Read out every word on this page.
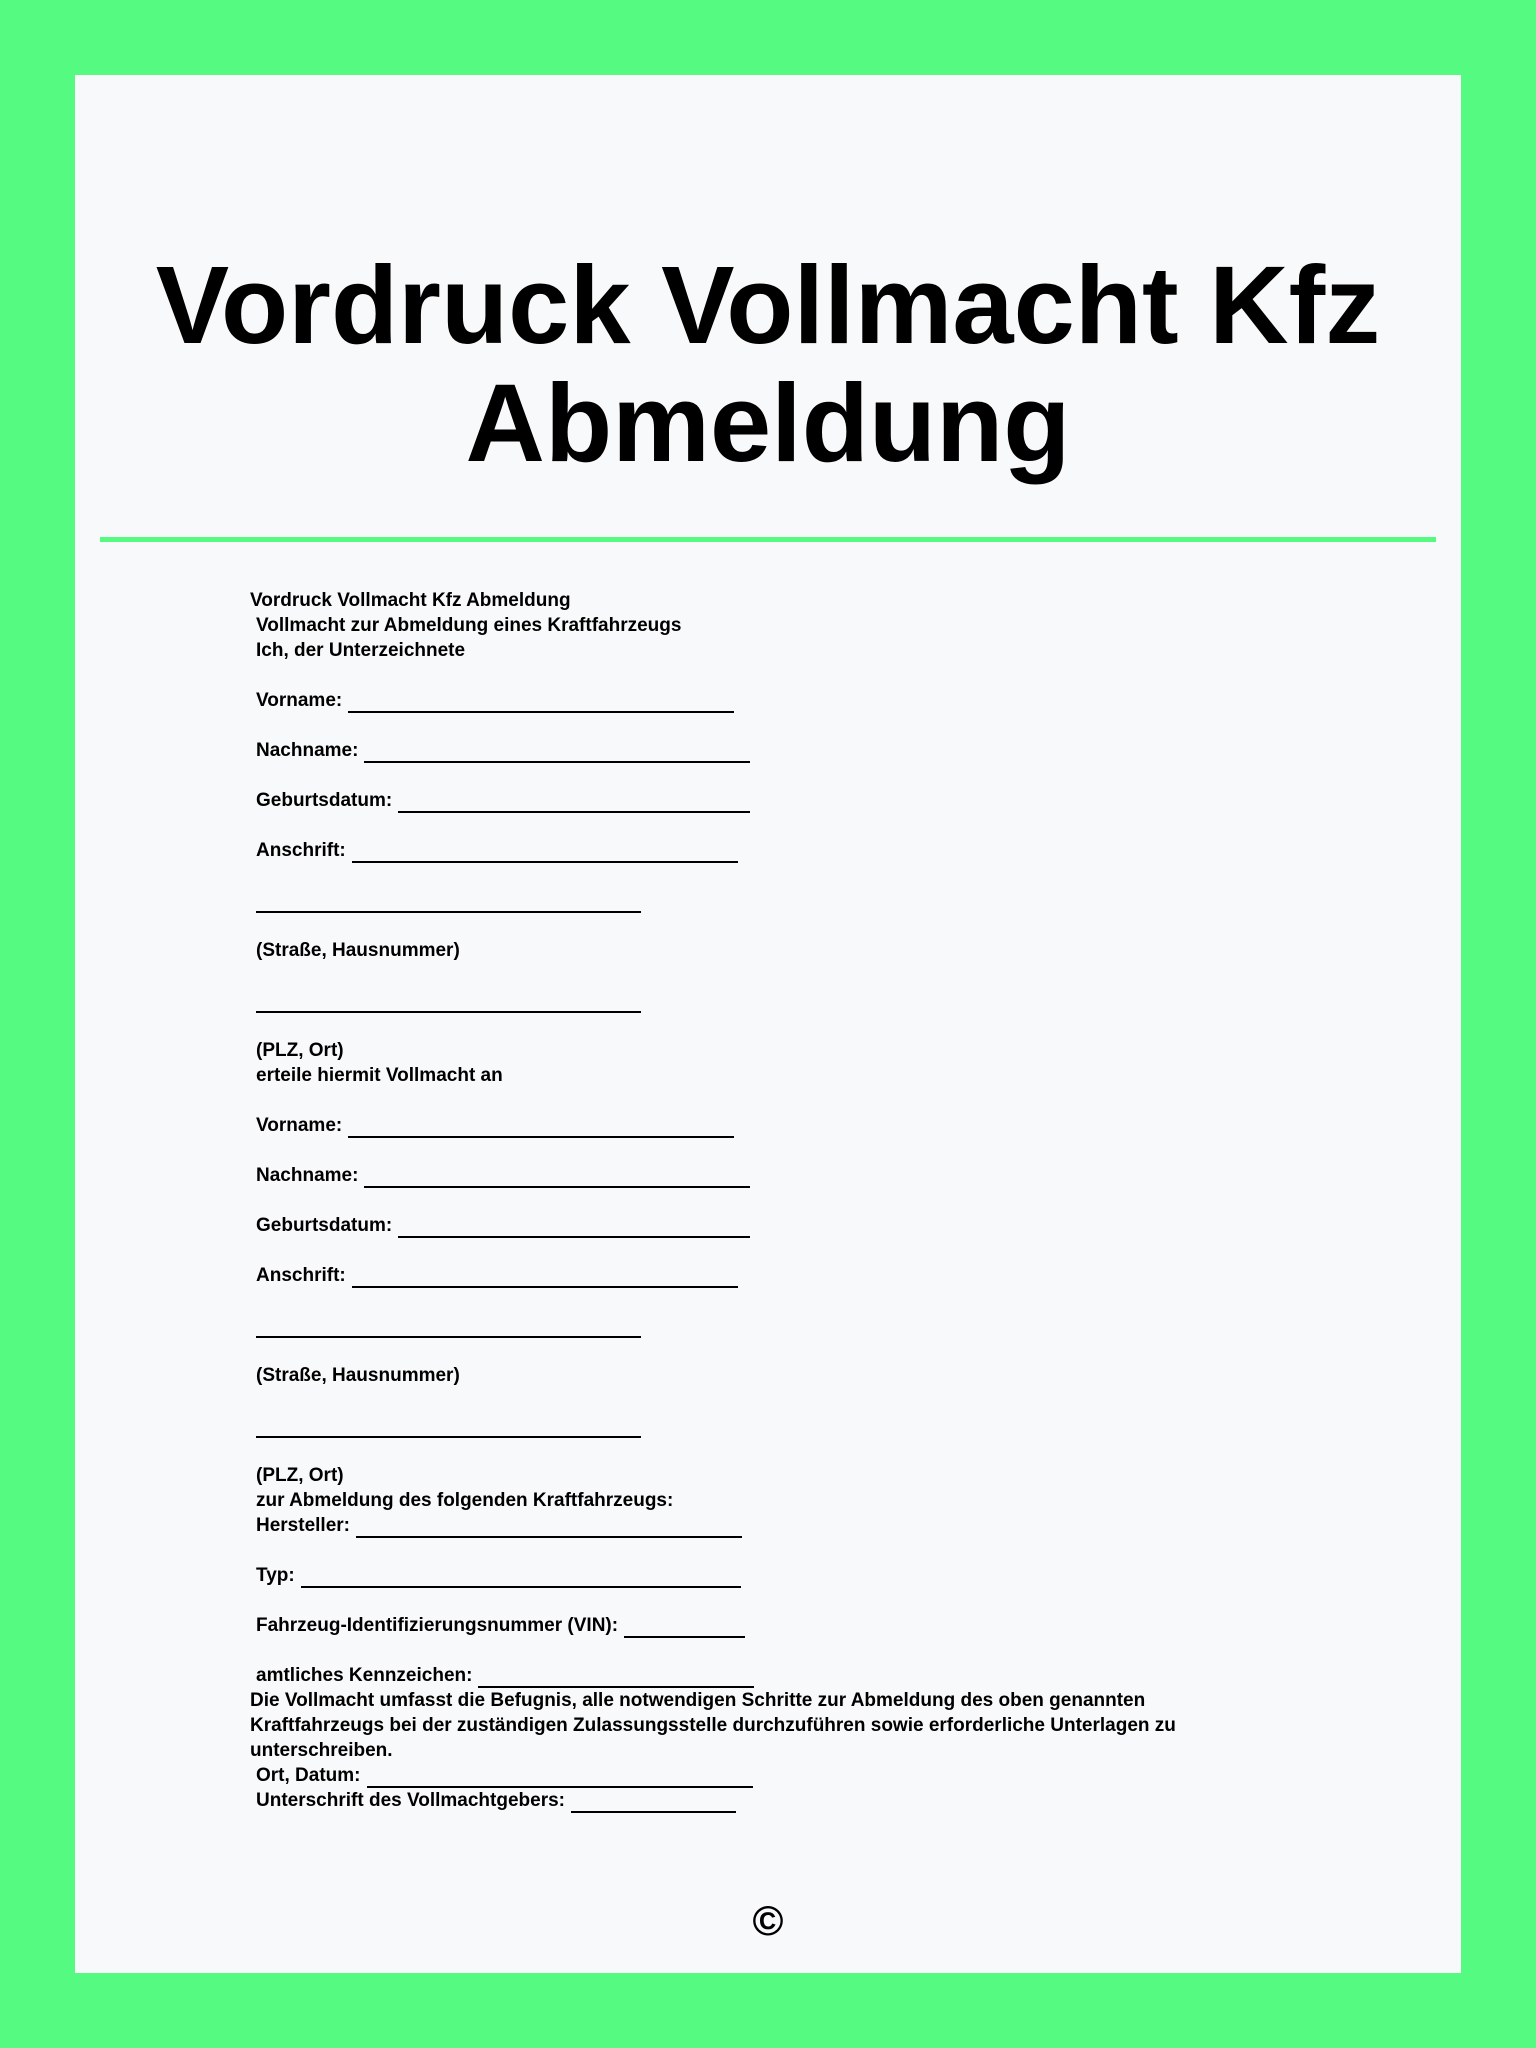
Vordruck Vollmacht Kfz Abmeldung
Vordruck Vollmacht Kfz Abmeldung
Vollmacht zur Abmeldung eines Kraftfahrzeugs
Ich, der Unterzeichnete
Vorname:
Nachname:
Geburtsdatum:
Anschrift:
(Straße, Hausnummer)
(PLZ, Ort)
erteile hiermit Vollmacht an
Vorname:
Nachname:
Geburtsdatum:
Anschrift:
(Straße, Hausnummer)
(PLZ, Ort)
zur Abmeldung des folgenden Kraftfahrzeugs:
Hersteller:
Typ:
Fahrzeug-Identifizierungsnummer (VIN):
amtliches Kennzeichen:
Die Vollmacht umfasst die Befugnis, alle notwendigen Schritte zur Abmeldung des oben genannten
Kraftfahrzeugs bei der zuständigen Zulassungsstelle durchzuführen sowie erforderliche Unterlagen zu
unterschreiben.
Ort, Datum:
Unterschrift des Vollmachtgebers:
©
